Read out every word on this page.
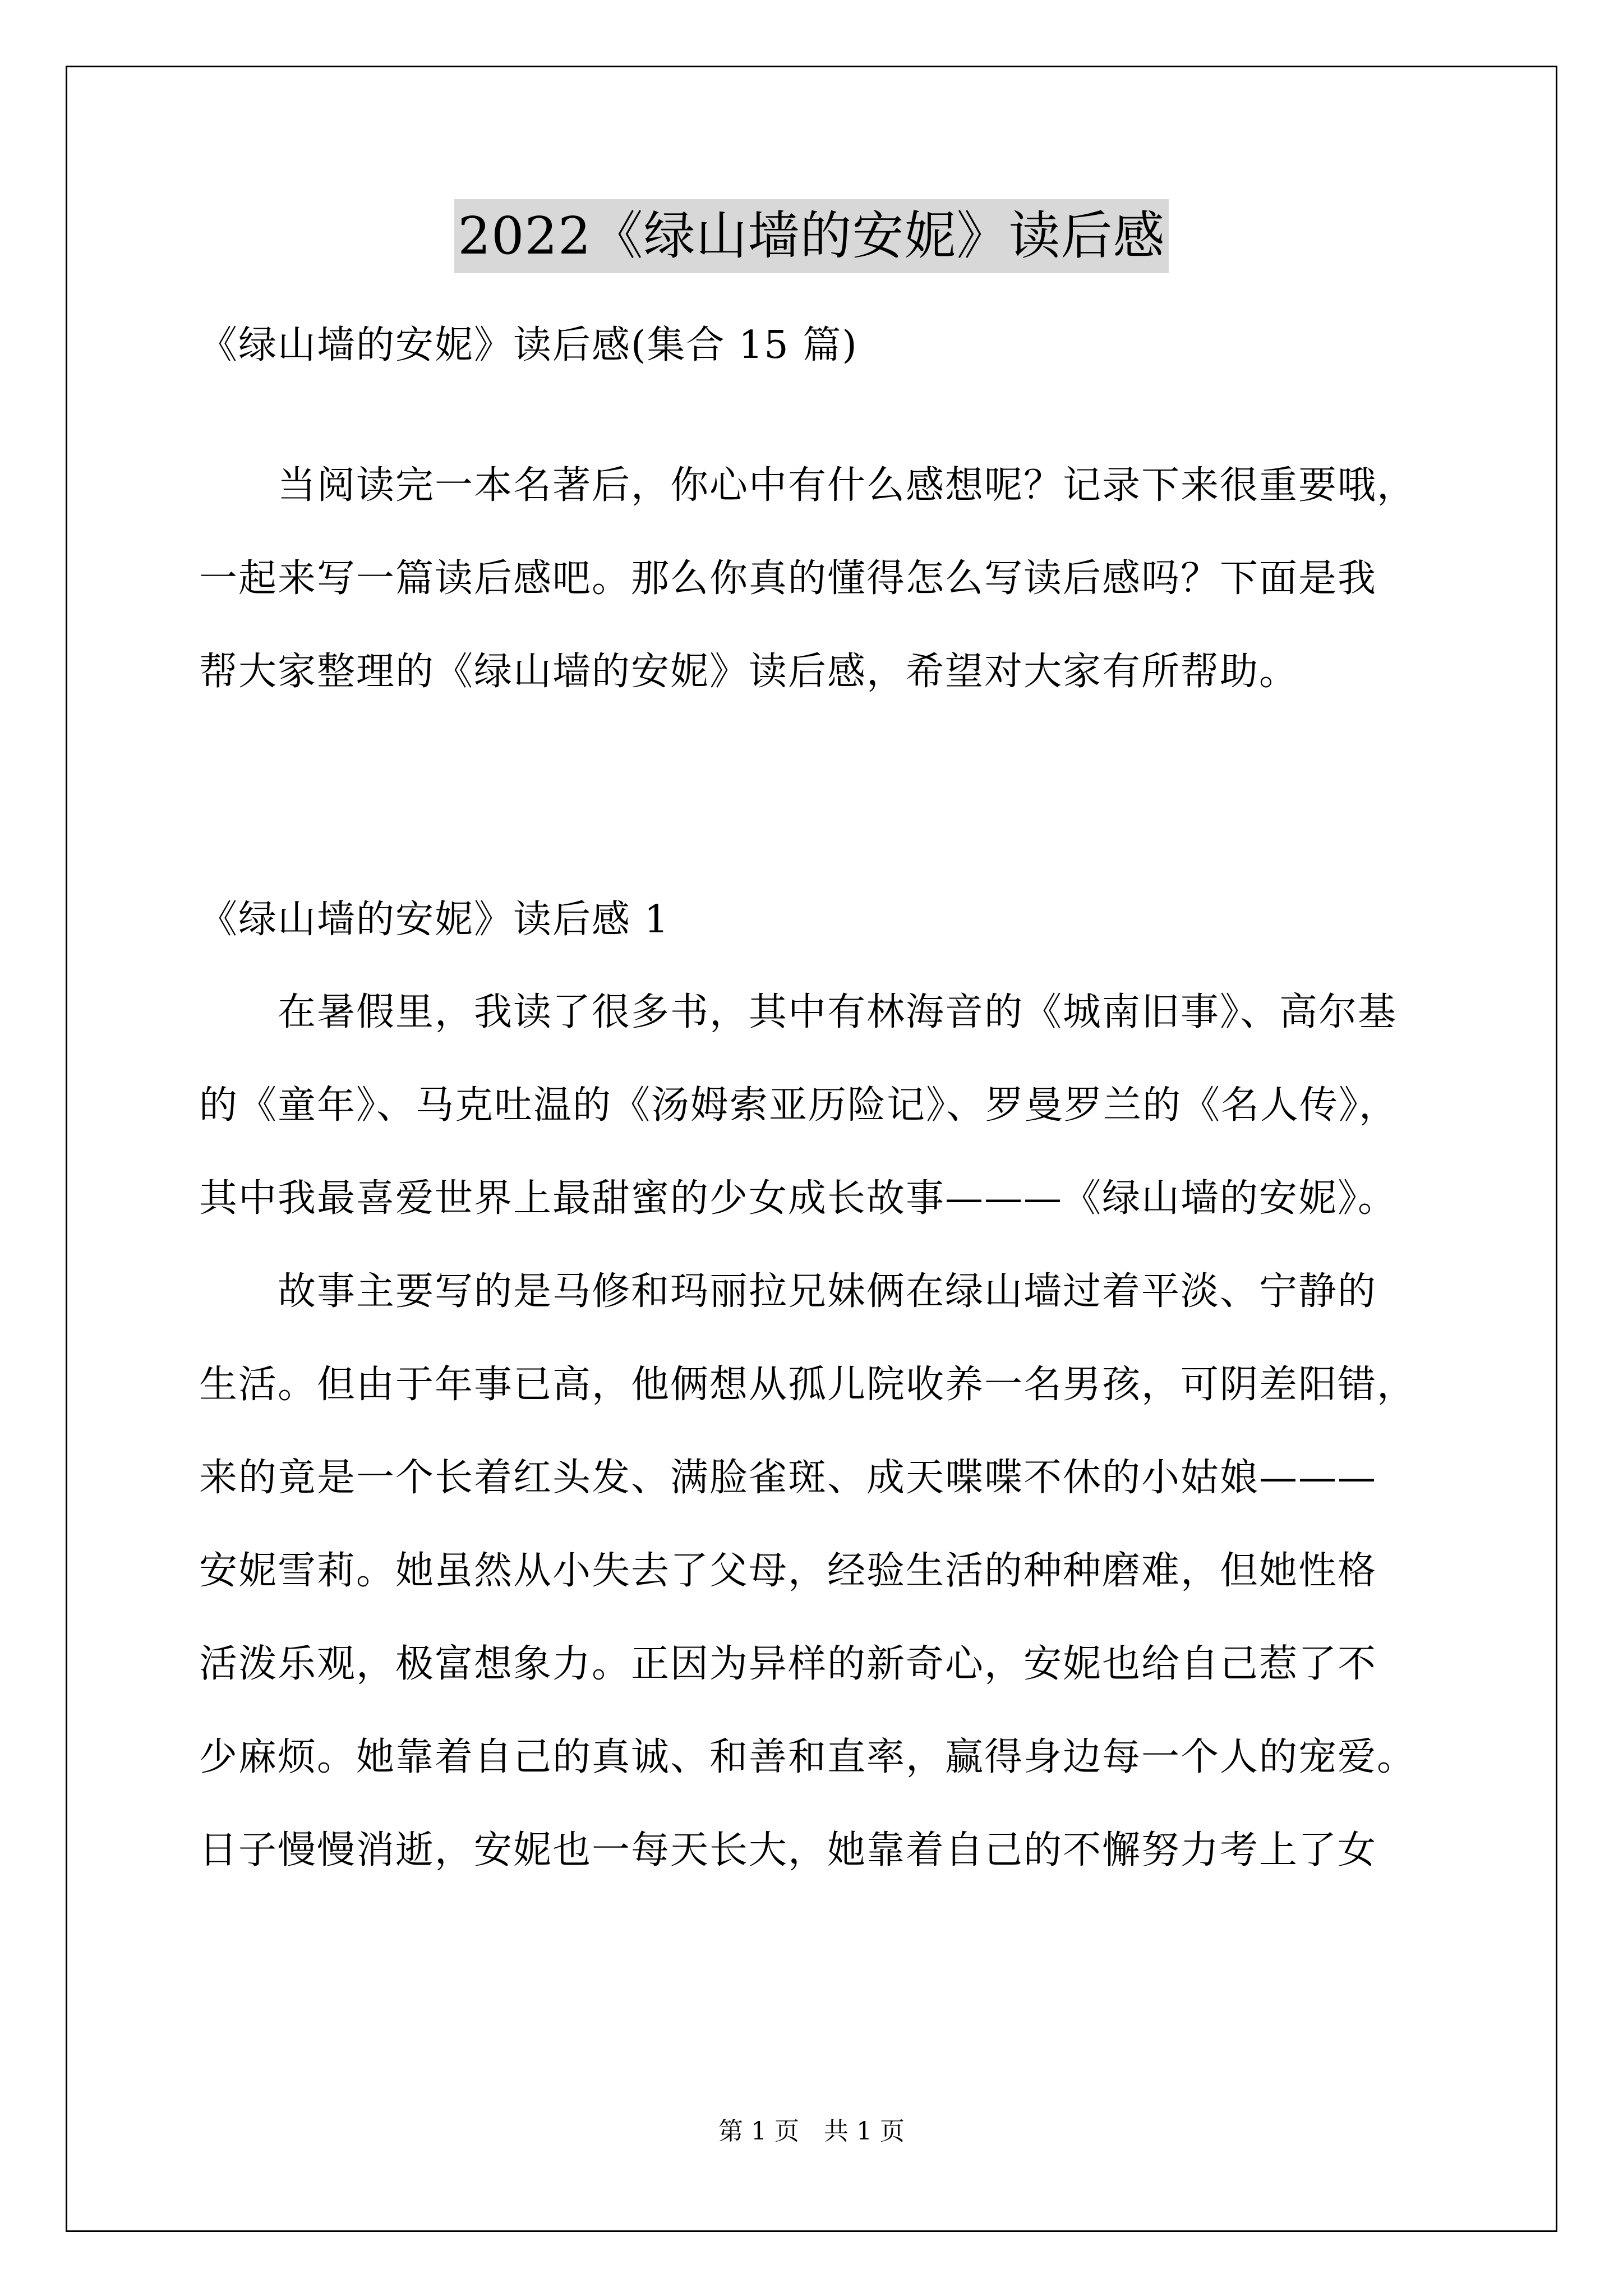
2022《绿山墙的安妮》读后感
《绿山墙的安妮》读后感(集合 15 篇)
当阅读完一本名著后，你心中有什么感想呢？记录下来很重要哦，
一起来写一篇读后感吧。那么你真的懂得怎么写读后感吗？下面是我
帮大家整理的《绿山墙的安妮》读后感，希望对大家有所帮助。
《绿山墙的安妮》读后感 1
在暑假里，我读了很多书，其中有林海音的《城南旧事》、高尔基
的《童年》、马克吐温的《汤姆索亚历险记》、罗曼罗兰的《名人传》，
其中我最喜爱世界上最甜蜜的少女成长故事———《绿山墙的安妮》。
故事主要写的是马修和玛丽拉兄妹俩在绿山墙过着平淡、宁静的
生活。但由于年事已高，他俩想从孤儿院收养一名男孩，可阴差阳错，
来的竟是一个长着红头发、满脸雀斑、成天喋喋不休的小姑娘———
安妮雪莉。她虽然从小失去了父母，经验生活的种种磨难，但她性格
活泼乐观，极富想象力。正因为异样的新奇心，安妮也给自己惹了不
少麻烦。她靠着自己的真诚、和善和直率，赢得身边每一个人的宠爱。
日子慢慢消逝，安妮也一每天长大，她靠着自己的不懈努力考上了女
第 1 页　共 1 页
